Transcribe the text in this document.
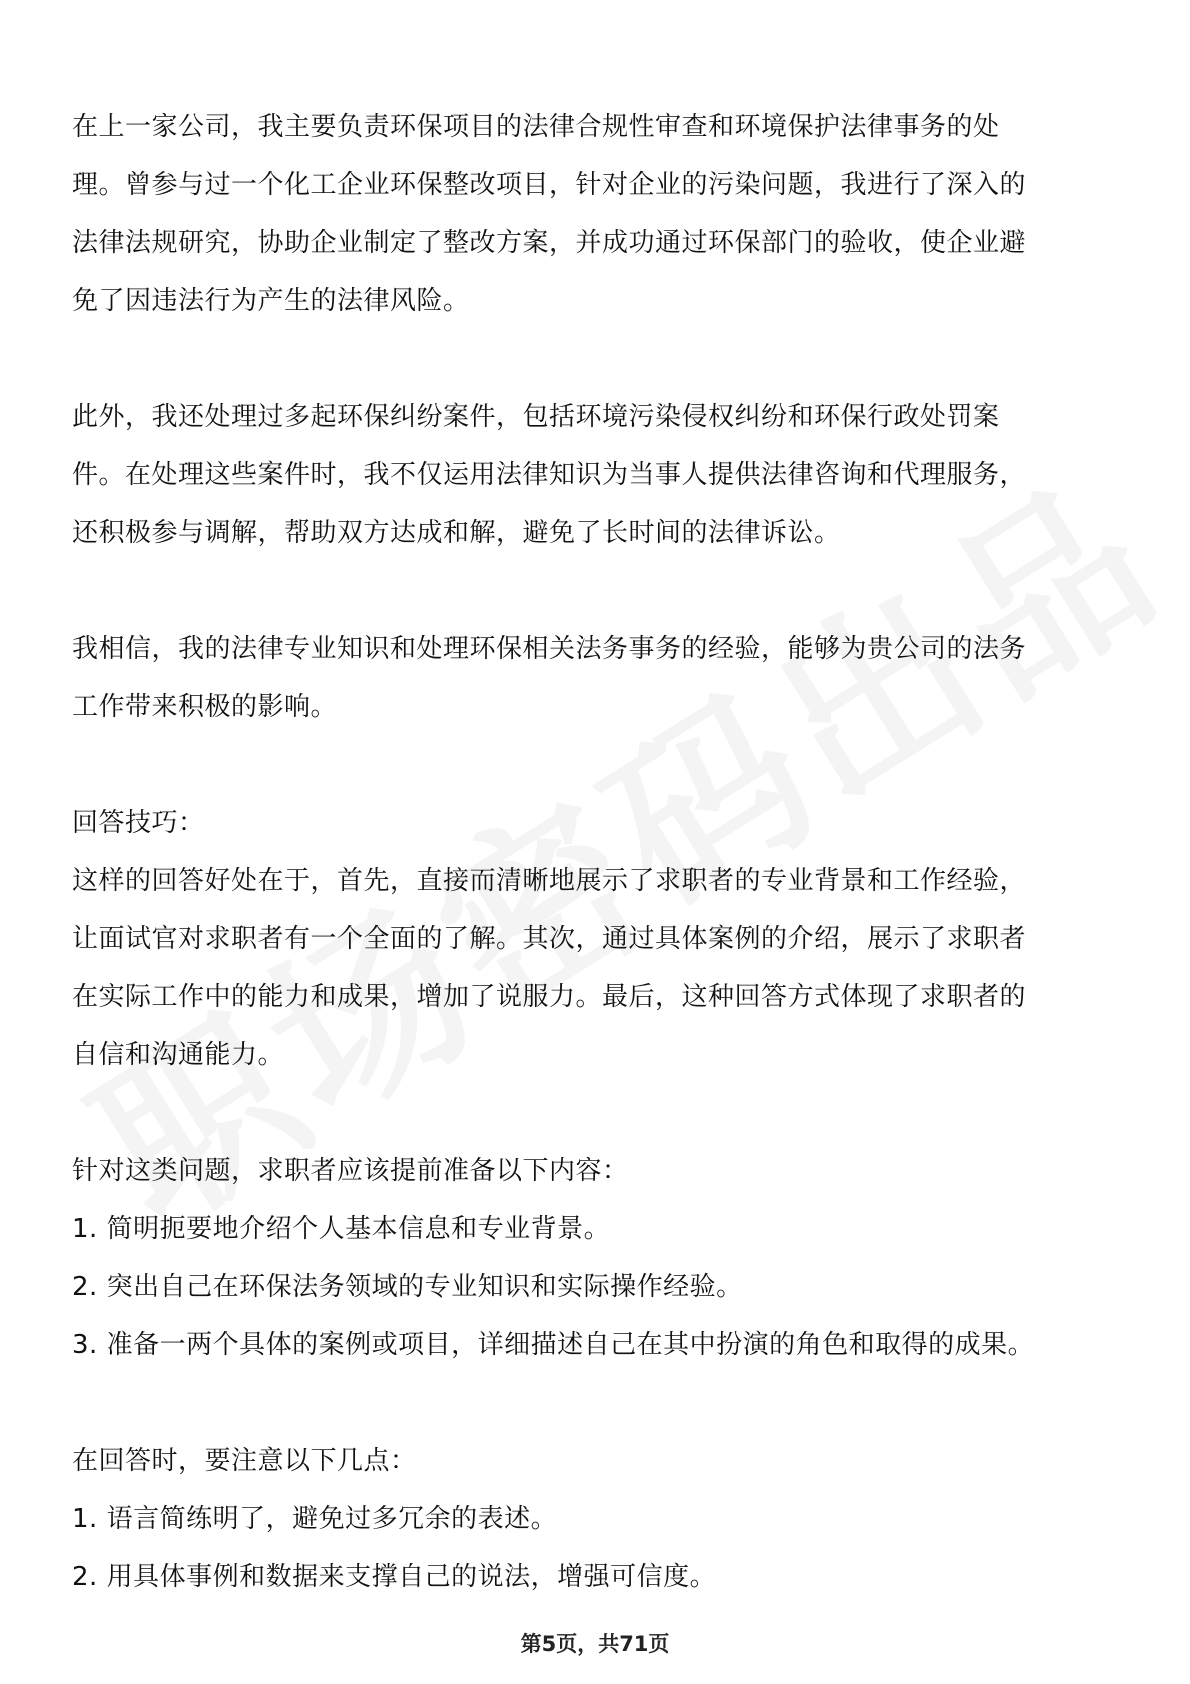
在上一家公司，我主要负责环保项目的法律合规性审查和环境保护法律事务的处
理。曾参与过一个化工企业环保整改项目，针对企业的污染问题，我进行了深入的
法律法规研究，协助企业制定了整改方案，并成功通过环保部门的验收，使企业避
免了因违法行为产生的法律风险。

此外，我还处理过多起环保纠纷案件，包括环境污染侵权纠纷和环保行政处罚案
件。在处理这些案件时，我不仅运用法律知识为当事人提供法律咨询和代理服务，
还积极参与调解，帮助双方达成和解，避免了长时间的法律诉讼。

我相信，我的法律专业知识和处理环保相关法务事务的经验，能够为贵公司的法务
工作带来积极的影响。

回答技巧：
这样的回答好处在于，首先，直接而清晰地展示了求职者的专业背景和工作经验，
让面试官对求职者有一个全面的了解。其次，通过具体案例的介绍，展示了求职者
在实际工作中的能力和成果，增加了说服力。最后，这种回答方式体现了求职者的
自信和沟通能力。

针对这类问题，求职者应该提前准备以下内容：
1. 简明扼要地介绍个人基本信息和专业背景。
2. 突出自己在环保法务领域的专业知识和实际操作经验。
3. 准备一两个具体的案例或项目，详细描述自己在其中扮演的角色和取得的成果。

在回答时，要注意以下几点：
1. 语言简练明了，避免过多冗余的表述。
2. 用具体事例和数据来支撑自己的说法，增强可信度。

第5页，共71页
